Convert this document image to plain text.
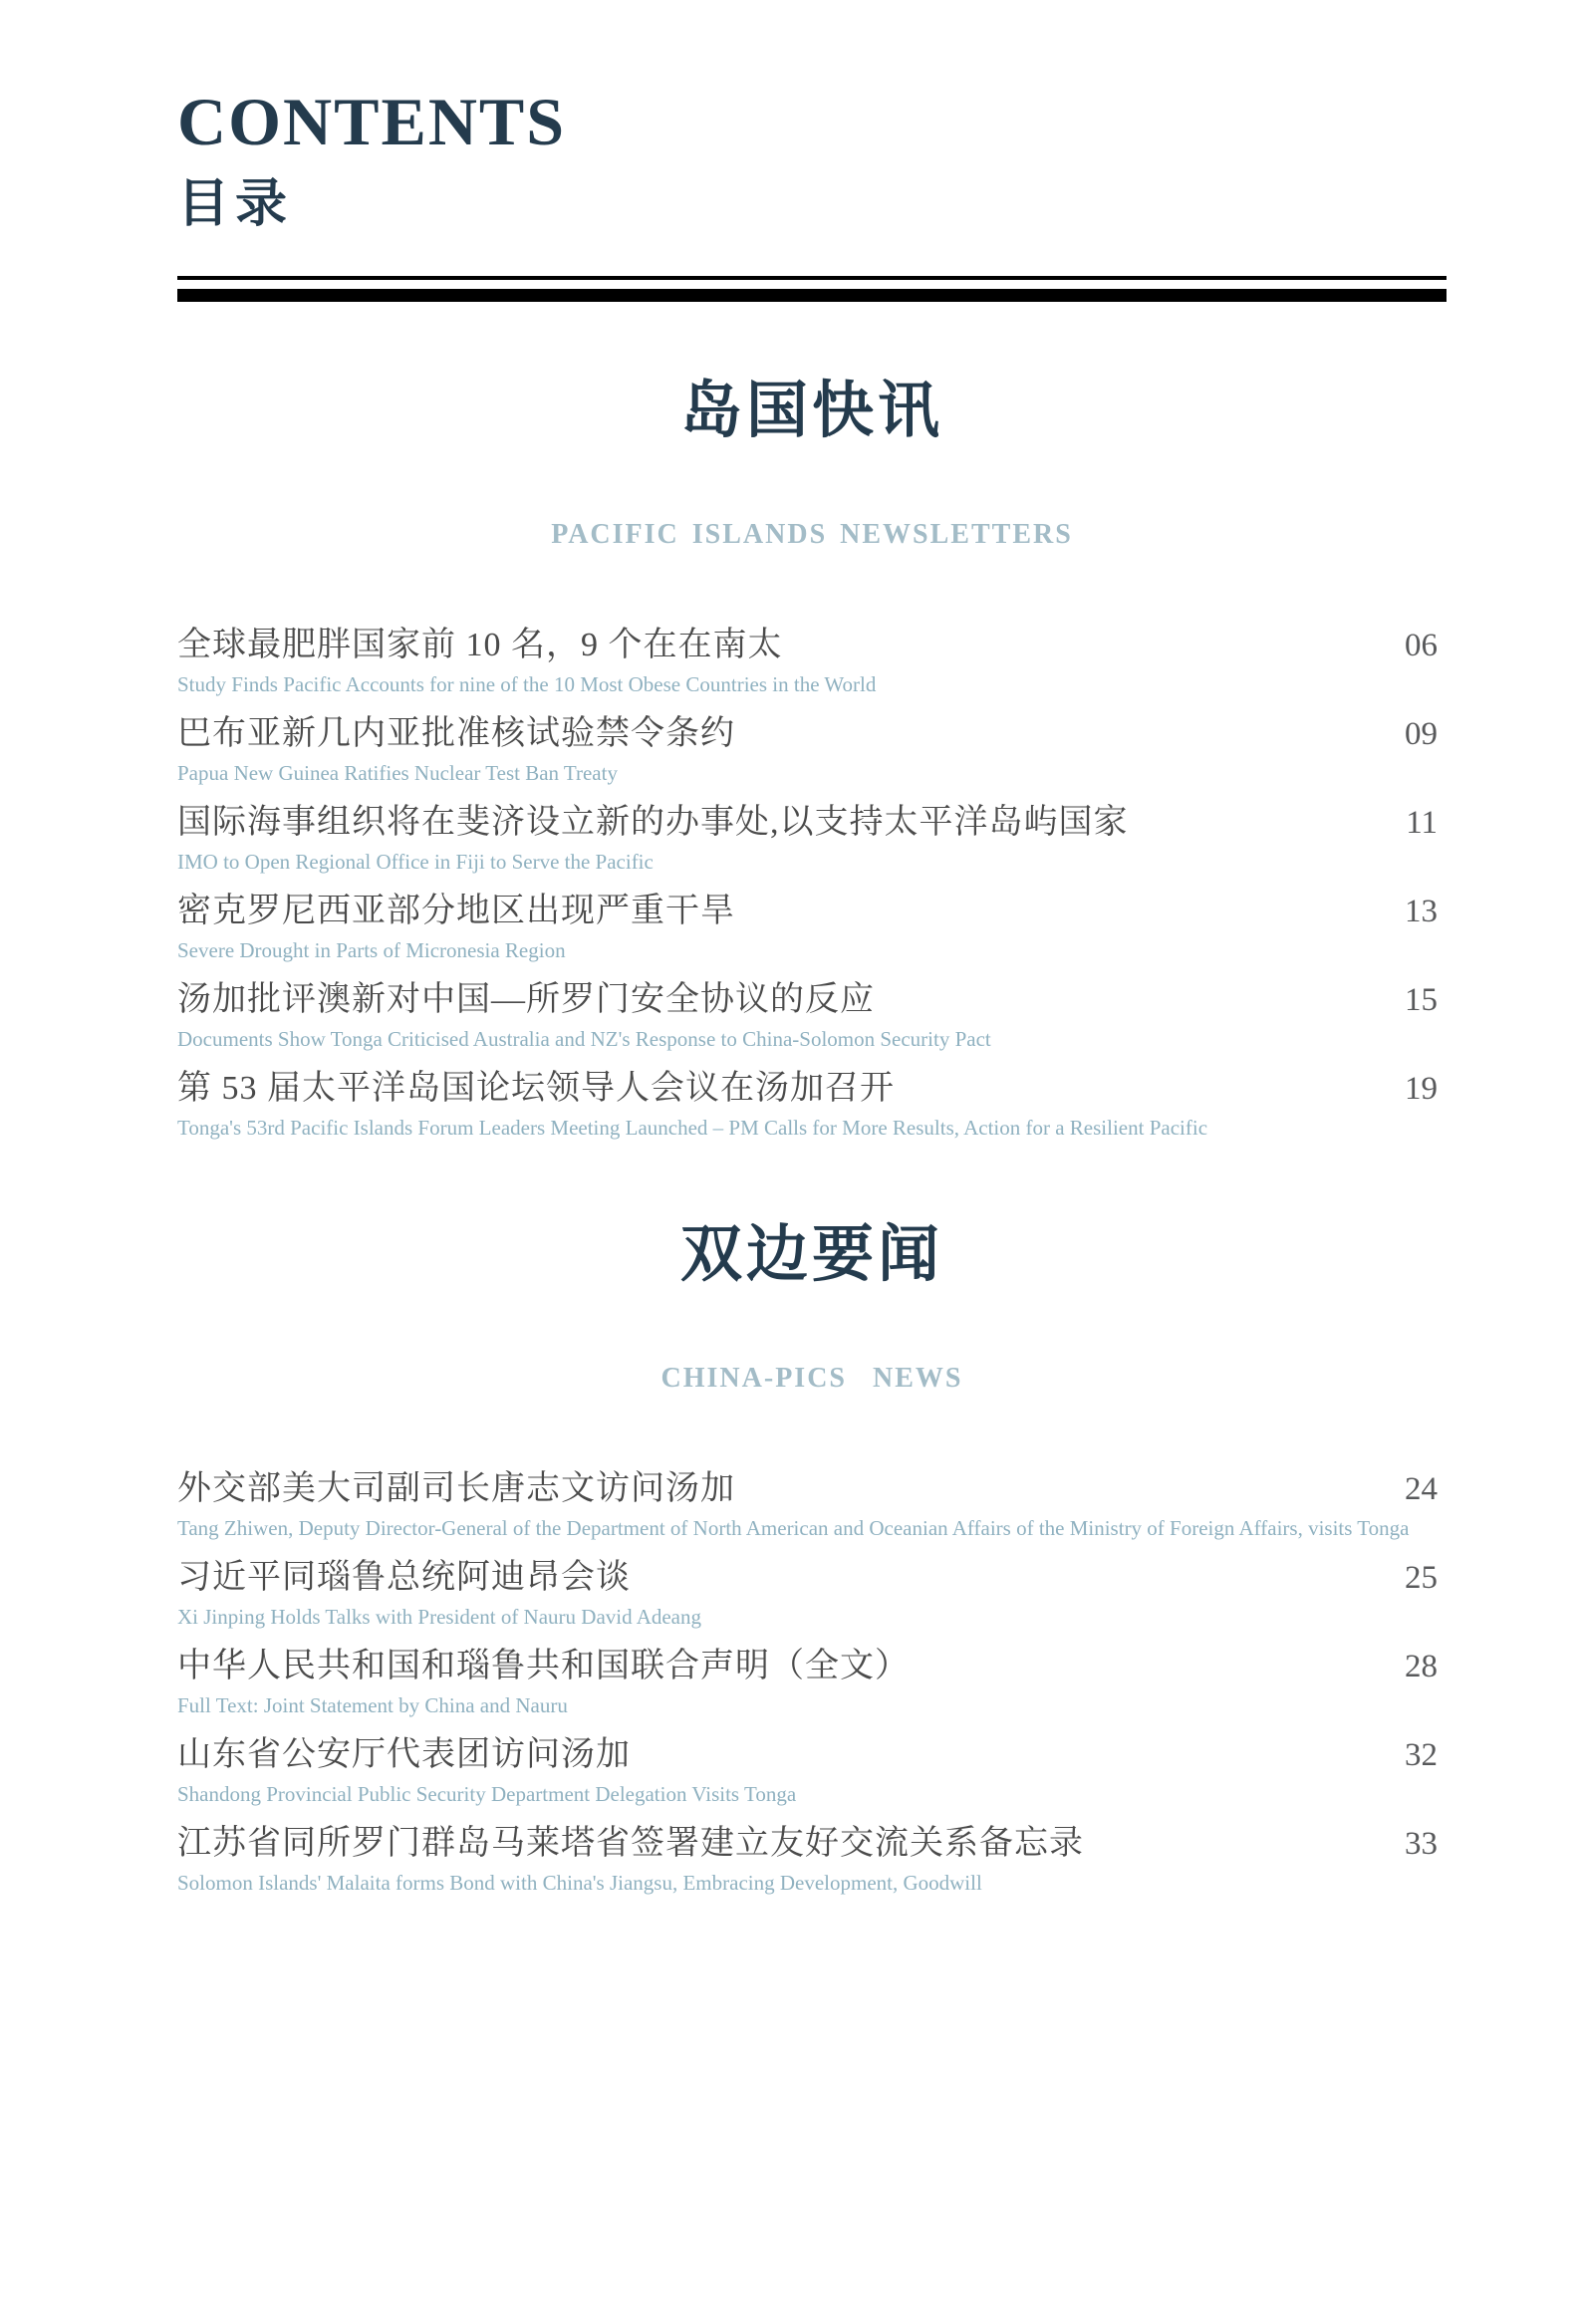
CONTENTS
目录
岛国快讯
PACIFIC ISLANDS NEWSLETTERS
全球最肥胖国家前 10 名，9 个在在南太	06
Study Finds Pacific Accounts for nine of the 10 Most Obese Countries in the World
巴布亚新几内亚批准核试验禁令条约	09
Papua New Guinea Ratifies Nuclear Test Ban Treaty
国际海事组织将在斐济设立新的办事处,以支持太平洋岛屿国家	11
IMO to Open Regional Office in Fiji to Serve the Pacific
密克罗尼西亚部分地区出现严重干旱	13
Severe Drought in Parts of Micronesia Region
汤加批评澳新对中国—所罗门安全协议的反应	15
Documents Show Tonga Criticised Australia and NZ's Response to China-Solomon Security Pact
第 53 届太平洋岛国论坛领导人会议在汤加召开	19
Tonga's 53rd Pacific Islands Forum Leaders Meeting Launched – PM Calls for More Results, Action for a Resilient Pacific
双边要闻
CHINA-PICS  NEWS
外交部美大司副司长唐志文访问汤加	24
Tang Zhiwen, Deputy Director-General of the Department of North American and Oceanian Affairs of the Ministry of Foreign Affairs, visits Tonga
习近平同瑙鲁总统阿迪昂会谈	25
Xi Jinping Holds Talks with President of Nauru David Adeang
中华人民共和国和瑙鲁共和国联合声明（全文）	28
Full Text: Joint Statement by China and Nauru
山东省公安厅代表团访问汤加	32
Shandong Provincial Public Security Department Delegation Visits Tonga
江苏省同所罗门群岛马莱塔省签署建立友好交流关系备忘录	33
Solomon Islands' Malaita forms Bond with China's Jiangsu, Embracing Development, Goodwill
